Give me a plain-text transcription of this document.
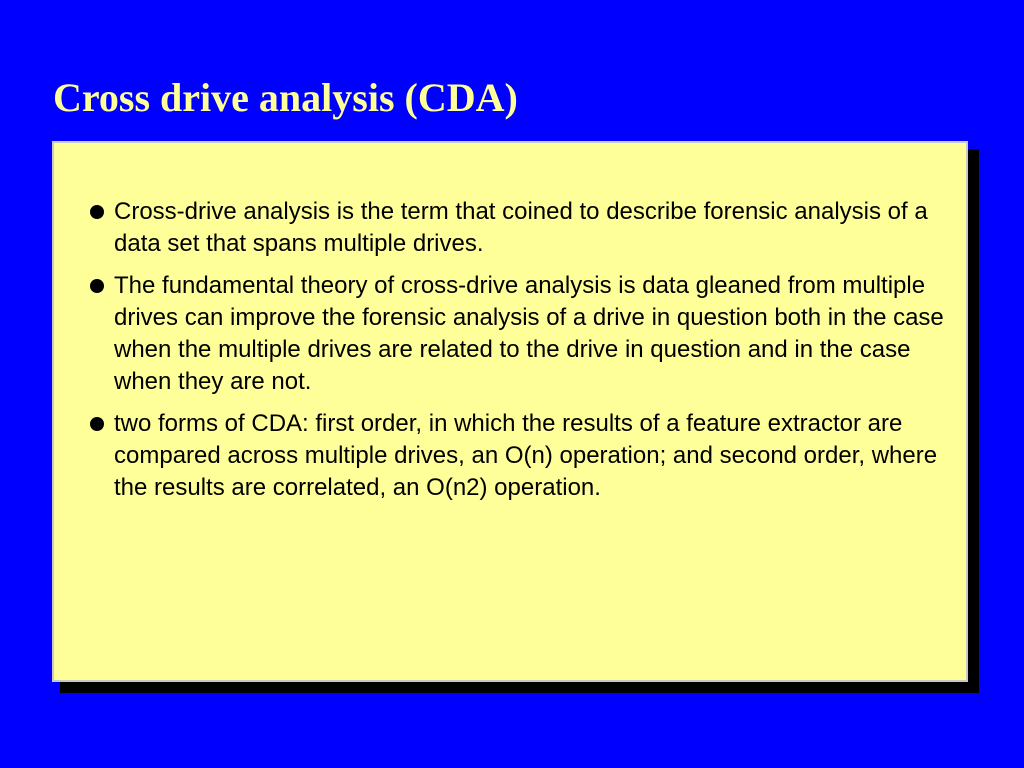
Cross drive analysis (CDA)
Cross-drive analysis is the term that coined to describe forensic analysis of a data set that spans multiple drives.
The fundamental theory of cross-drive analysis is data gleaned from multiple drives can improve the forensic analysis of a drive in question both in the case when the multiple drives are related to the drive in question and in the case when they are not.
two forms of CDA: first order, in which the results of a feature extractor are compared across multiple drives, an O(n) operation; and second order, where the results are correlated, an O(n2) operation.
